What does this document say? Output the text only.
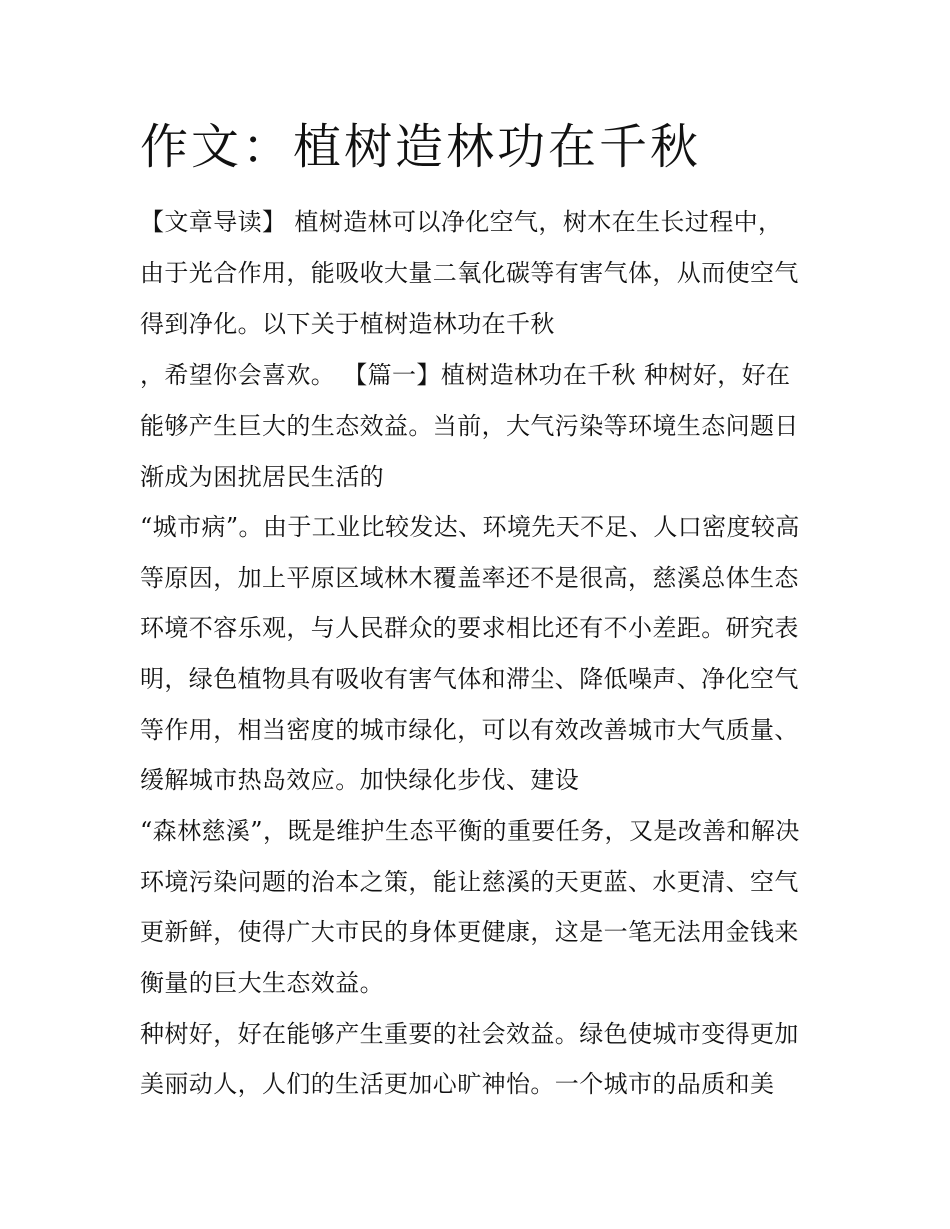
作文：植树造林功在千秋

【文章导读】 植树造林可以净化空气，树木在生长过程中，

由于光合作用，能吸收大量二氧化碳等有害气体，从而使空气

得到净化。以下关于植树造林功在千秋

，希望你会喜欢。 【篇一】植树造林功在千秋 种树好，好在

能够产生巨大的生态效益。当前，大气污染等环境生态问题日

渐成为困扰居民生活的

“城市病”。由于工业比较发达、环境先天不足、人口密度较高

等原因，加上平原区域林木覆盖率还不是很高，慈溪总体生态

环境不容乐观，与人民群众的要求相比还有不小差距。研究表

明，绿色植物具有吸收有害气体和滞尘、降低噪声、净化空气

等作用，相当密度的城市绿化，可以有效改善城市大气质量、

缓解城市热岛效应。加快绿化步伐、建设

“森林慈溪”，既是维护生态平衡的重要任务，又是改善和解决

环境污染问题的治本之策，能让慈溪的天更蓝、水更清、空气

更新鲜，使得广大市民的身体更健康，这是一笔无法用金钱来

衡量的巨大生态效益。

种树好，好在能够产生重要的社会效益。绿色使城市变得更加

美丽动人，人们的生活更加心旷神怡。一个城市的品质和美
